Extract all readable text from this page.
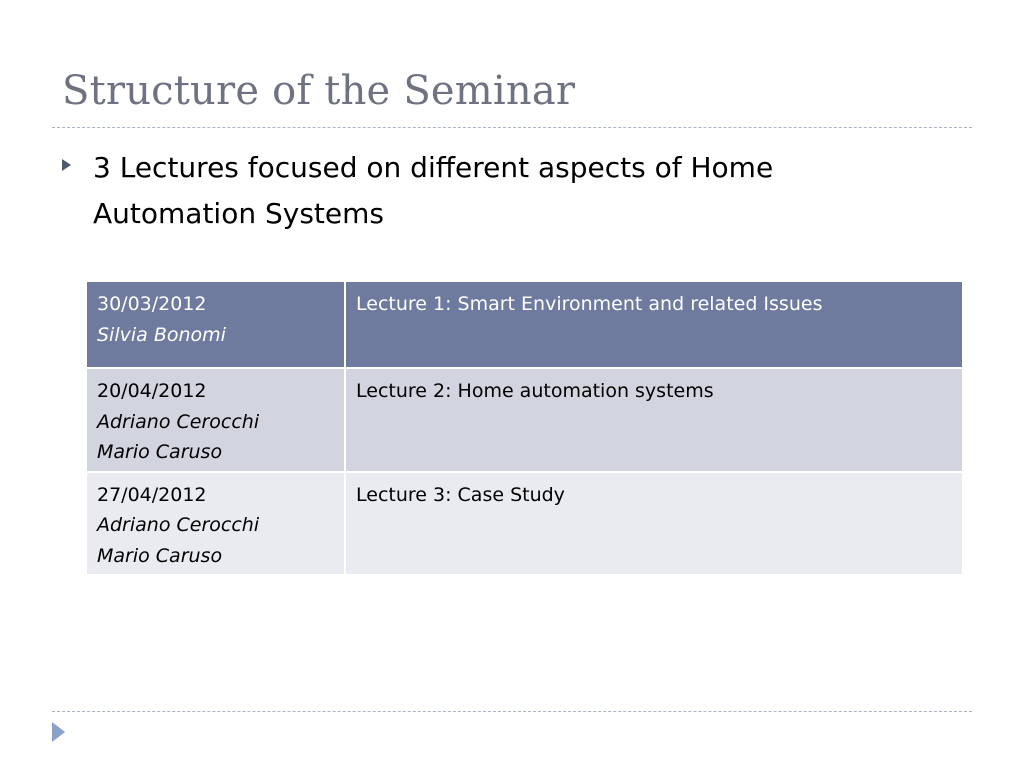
Structure of the Seminar
3 Lectures focused on different aspects of Home Automation Systems
30/03/2012
Silvia Bonomi	Lecture 1: Smart Environment and related Issues

20/04/2012
Adriano Cerocchi
Mario Caruso	Lecture 2: Home automation systems

27/04/2012
Adriano Cerocchi
Mario Caruso	Lecture 3: Case Study
